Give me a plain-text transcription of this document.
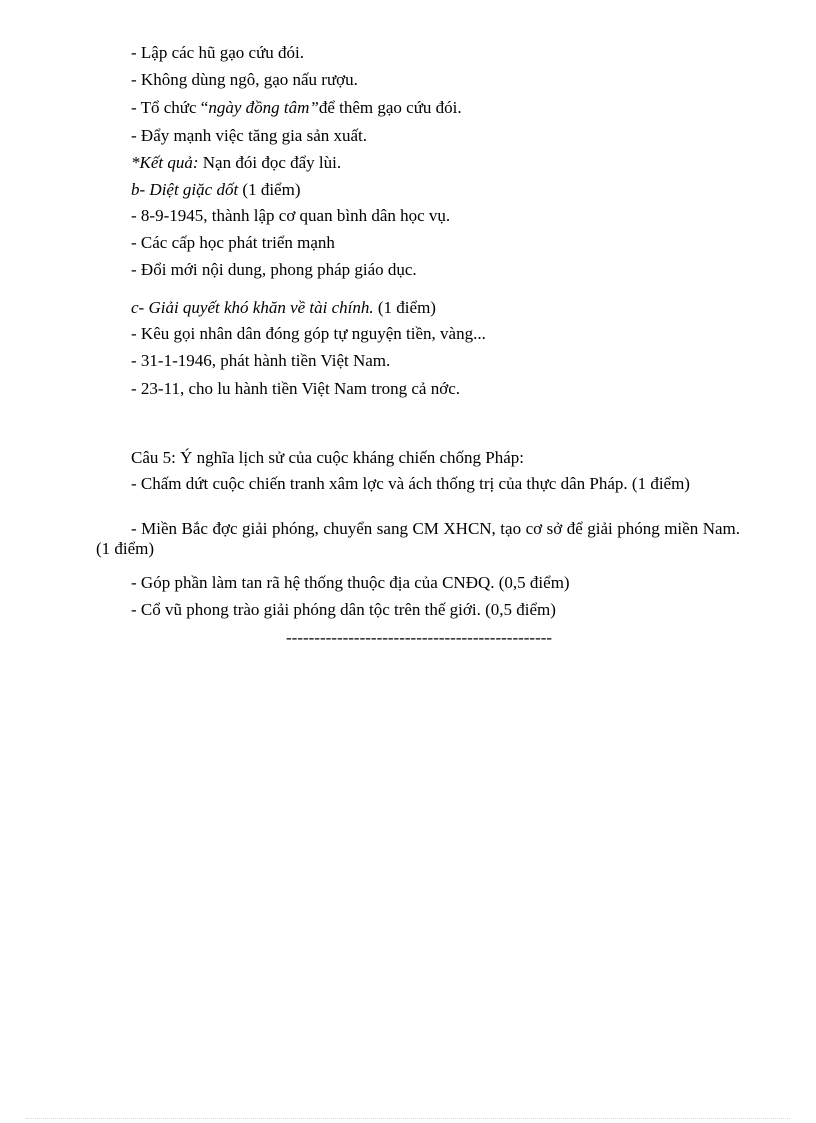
- Lập các hũ gạo cứu đói.
- Không dùng ngô, gạo nấu rượu.
- Tổ chức “ngày đồng tâm”để thêm gạo cứu đói.
- Đẩy mạnh việc tăng gia sản xuất.
*Kết quả: Nạn đói đọc đẩy lùi.
b- Diệt giặc dốt (1 điểm)
- 8-9-1945, thành lập cơ quan bình dân học vụ.
- Các cấp học phát triển mạnh
- Đổi mới nội dung, phong pháp giáo dục.
c- Giải quyết khó khăn về tài chính. (1 điểm)
- Kêu gọi nhân dân đóng góp tự nguyện tiền, vàng...
- 31-1-1946, phát hành tiền Việt Nam.
- 23-11, cho lu hành tiền Việt Nam trong cả nớc.
Câu 5: Ý nghĩa lịch sử của cuộc kháng chiến chống Pháp:
- Chấm dứt cuộc chiến tranh xâm lợc và ách thống trị của thực dân Pháp. (1 điểm)
- Miền Bắc đợc giải phóng, chuyển sang CM XHCN, tạo cơ sở để giải phóng miền Nam. (1 điểm)
- Góp phần làm tan rã hệ thống thuộc địa của CNĐQ. (0,5 điểm)
- Cổ vũ phong trào giải phóng dân tộc trên thế giới. (0,5 điểm)
-----------------------------------------------
